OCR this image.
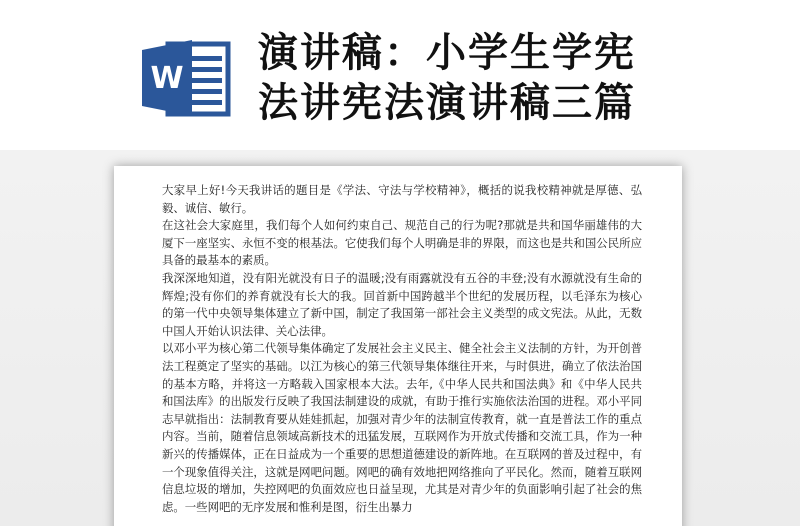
W
演讲稿：小学生学宪
法讲宪法演讲稿三篇

大家早上好!今天我讲话的题目是《学法、守法与学校精神》，概括的说我校精神就是厚德、弘毅、诚信、敏行。

在这社会大家庭里，我们每个人如何约束自己、规范自己的行为呢?那就是共和国华丽雄伟的大厦下一座坚实、永恒不变的根基法。它使我们每个人明确是非的界限，而这也是共和国公民所应具备的最基本的素质。

我深深地知道，没有阳光就没有日子的温暖;没有雨露就没有五谷的丰登;没有水源就没有生命的辉煌;没有你们的养育就没有长大的我。回首新中国跨越半个世纪的发展历程，以毛泽东为核心的第一代中央领导集体建立了新中国，制定了我国第一部社会主义类型的成文宪法。从此，无数中国人开始认识法律、关心法律。

以邓小平为核心第二代领导集体确定了发展社会主义民主、健全社会主义法制的方针，为开创普法工程奠定了坚实的基础。以江为核心的第三代领导集体继往开来，与时俱进，确立了依法治国的基本方略，并将这一方略载入国家根本大法。去年,《中华人民共和国法典》和《中华人民共和国法库》的出版发行反映了我国法制建设的成就，有助于推行实施依法治国的进程。邓小平同志早就指出：法制教育要从娃娃抓起，加强对青少年的法制宣传教育，就一直是普法工作的重点内容。当前，随着信息领域高新技术的迅猛发展，互联网作为开放式传播和交流工具，作为一种新兴的传播媒体，正在日益成为一个重要的思想道德建设的新阵地。在互联网的普及过程中，有一个现象值得关注，这就是网吧问题。网吧的确有效地把网络推向了平民化。然而，随着互联网信息垃圾的增加，失控网吧的负面效应也日益呈现，尤其是对青少年的负面影响引起了社会的焦虑。一些网吧的无序发展和惟利是图，衍生出暴力
